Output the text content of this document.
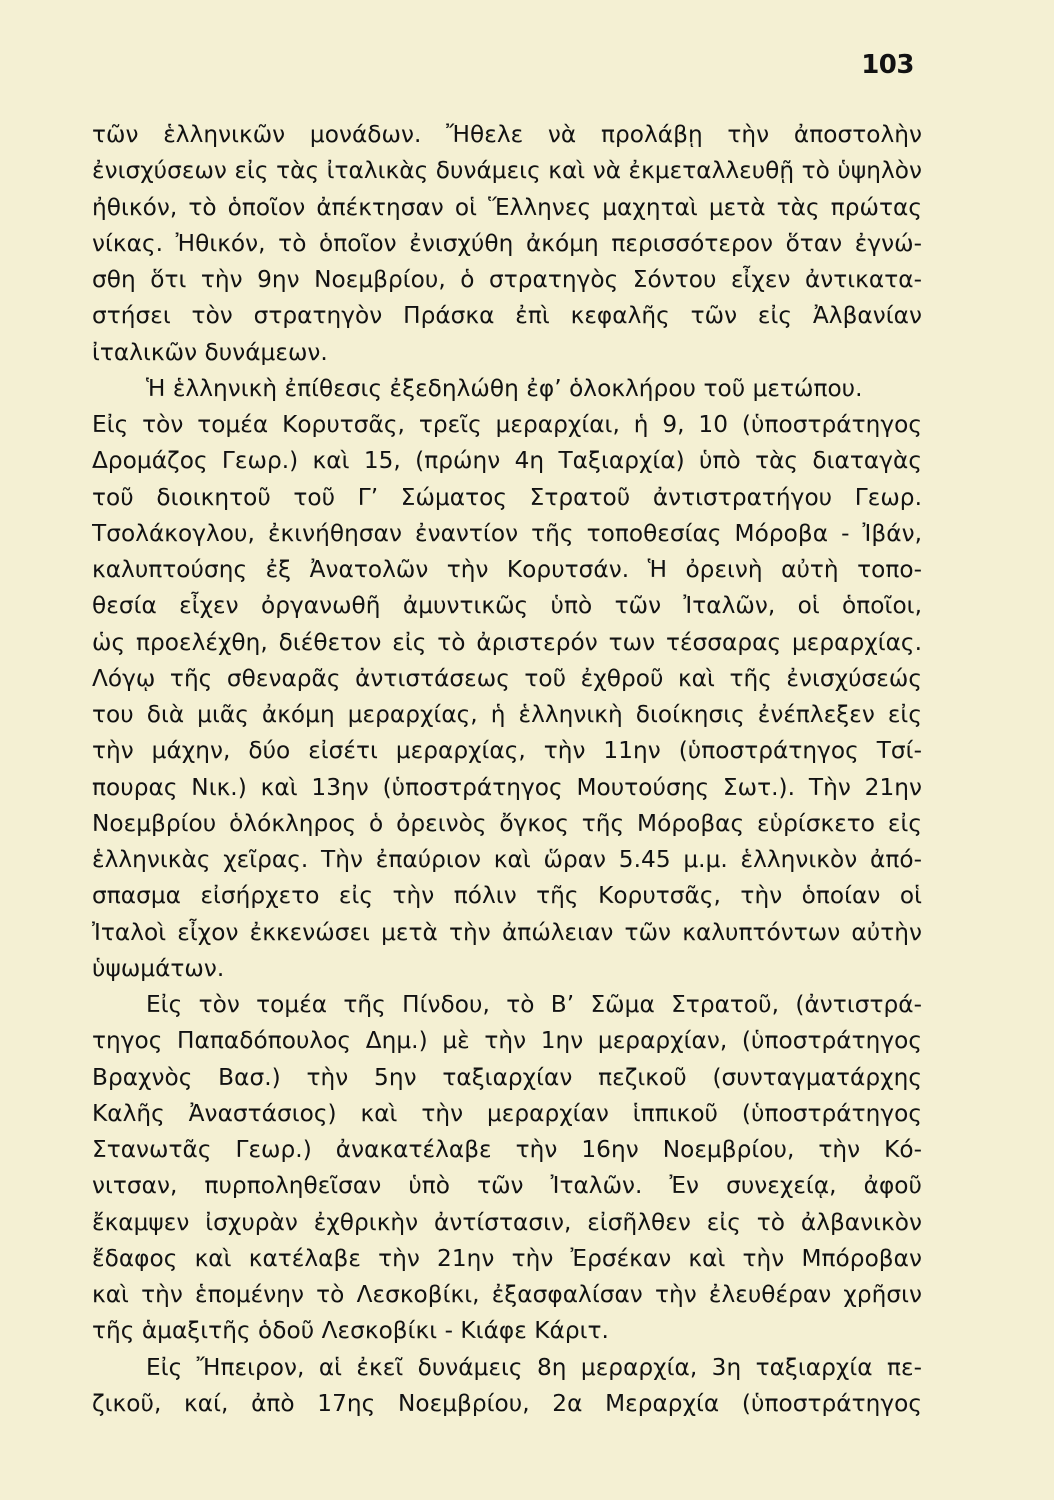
103
τῶν ἑλληνικῶν μονάδων. Ἤθελε νὰ προλάβῃ τὴν ἀποστολὴν
ἐνισχύσεων εἰς τὰς ἰταλικὰς δυνάμεις καὶ νὰ ἐκμεταλλευθῇ τὸ ὑψηλὸν
ἠθικόν, τὸ ὁποῖον ἀπέκτησαν οἱ Ἕλληνες μαχηταὶ μετὰ τὰς πρώτας
νίκας. Ἠθικόν, τὸ ὁποῖον ἐνισχύθη ἀκόμη περισσότερον ὅταν ἐγνώ-
σθη ὅτι τὴν 9ην Νοεμβρίου, ὁ στρατηγὸς Σόντου εἶχεν ἀντικατα-
στήσει τὸν στρατηγὸν Πράσκα ἐπὶ κεφαλῆς τῶν εἰς Ἀλβανίαν
ἰταλικῶν δυνάμεων.
Ἡ ἑλληνικὴ ἐπίθεσις ἐξεδηλώθη ἐφ’ ὁλοκλήρου τοῦ μετώπου.
Εἰς τὸν τομέα Κορυτσᾶς, τρεῖς μεραρχίαι, ἡ 9, 10 (ὑποστράτηγος
Δρομάζος Γεωρ.) καὶ 15, (πρώην 4η Ταξιαρχία) ὑπὸ τὰς διαταγὰς
τοῦ διοικητοῦ τοῦ Γ’ Σώματος Στρατοῦ ἀντιστρατήγου Γεωρ.
Τσολάκογλου, ἐκινήθησαν ἐναντίον τῆς τοποθεσίας Μόροβα - Ἰβάν,
καλυπτούσης ἐξ Ἀνατολῶν τὴν Κορυτσάν. Ἡ ὀρεινὴ αὐτὴ τοπο-
θεσία εἶχεν ὀργανωθῆ ἀμυντικῶς ὑπὸ τῶν Ἰταλῶν, οἱ ὁποῖοι,
ὡς προελέχθη, διέθετον εἰς τὸ ἀριστερόν των τέσσαρας μεραρχίας.
Λόγῳ τῆς σθεναρᾶς ἀντιστάσεως τοῦ ἐχθροῦ καὶ τῆς ἐνισχύσεώς
του διὰ μιᾶς ἀκόμη μεραρχίας, ἡ ἑλληνικὴ διοίκησις ἐνέπλεξεν εἰς
τὴν μάχην, δύο εἰσέτι μεραρχίας, τὴν 11ην (ὑποστράτηγος Τσί-
πουρας Νικ.) καὶ 13ην (ὑποστράτηγος Μουτούσης Σωτ.). Τὴν 21ην
Νοεμβρίου ὁλόκληρος ὁ ὀρεινὸς ὄγκος τῆς Μόροβας εὑρίσκετο εἰς
ἑλληνικὰς χεῖρας. Τὴν ἐπαύριον καὶ ὥραν 5.45 μ.μ. ἑλληνικὸν ἀπό-
σπασμα εἰσήρχετο εἰς τὴν πόλιν τῆς Κορυτσᾶς, τὴν ὁποίαν οἱ
Ἰταλοὶ εἶχον ἐκκενώσει μετὰ τὴν ἀπώλειαν τῶν καλυπτόντων αὐτὴν
ὑψωμάτων.
Εἰς τὸν τομέα τῆς Πίνδου, τὸ Β’ Σῶμα Στρατοῦ, (ἀντιστρά-
τηγος Παπαδόπουλος Δημ.) μὲ τὴν 1ην μεραρχίαν, (ὑποστράτηγος
Βραχνὸς Βασ.) τὴν 5ην ταξιαρχίαν πεζικοῦ (συνταγματάρχης
Καλῆς Ἀναστάσιος) καὶ τὴν μεραρχίαν ἱππικοῦ (ὑποστράτηγος
Στανωτᾶς Γεωρ.) ἀνακατέλαβε τὴν 16ην Νοεμβρίου, τὴν Κό-
νιτσαν, πυρποληθεῖσαν ὑπὸ τῶν Ἰταλῶν. Ἐν συνεχείᾳ, ἀφοῦ
ἔκαμψεν ἰσχυρὰν ἐχθρικὴν ἀντίστασιν, εἰσῆλθεν εἰς τὸ ἀλβανικὸν
ἔδαφος καὶ κατέλαβε τὴν 21ην τὴν Ἐρσέκαν καὶ τὴν Μπόροβαν
καὶ τὴν ἑπομένην τὸ Λεσκοβίκι, ἐξασφαλίσαν τὴν ἐλευθέραν χρῆσιν
τῆς ἁμαξιτῆς ὁδοῦ Λεσκοβίκι - Κιάφε Κάριτ.
Εἰς Ἤπειρον, αἱ ἐκεῖ δυνάμεις 8η μεραρχία, 3η ταξιαρχία πε-
ζικοῦ, καί, ἀπὸ 17ης Νοεμβρίου, 2α Μεραρχία (ὑποστράτηγος
